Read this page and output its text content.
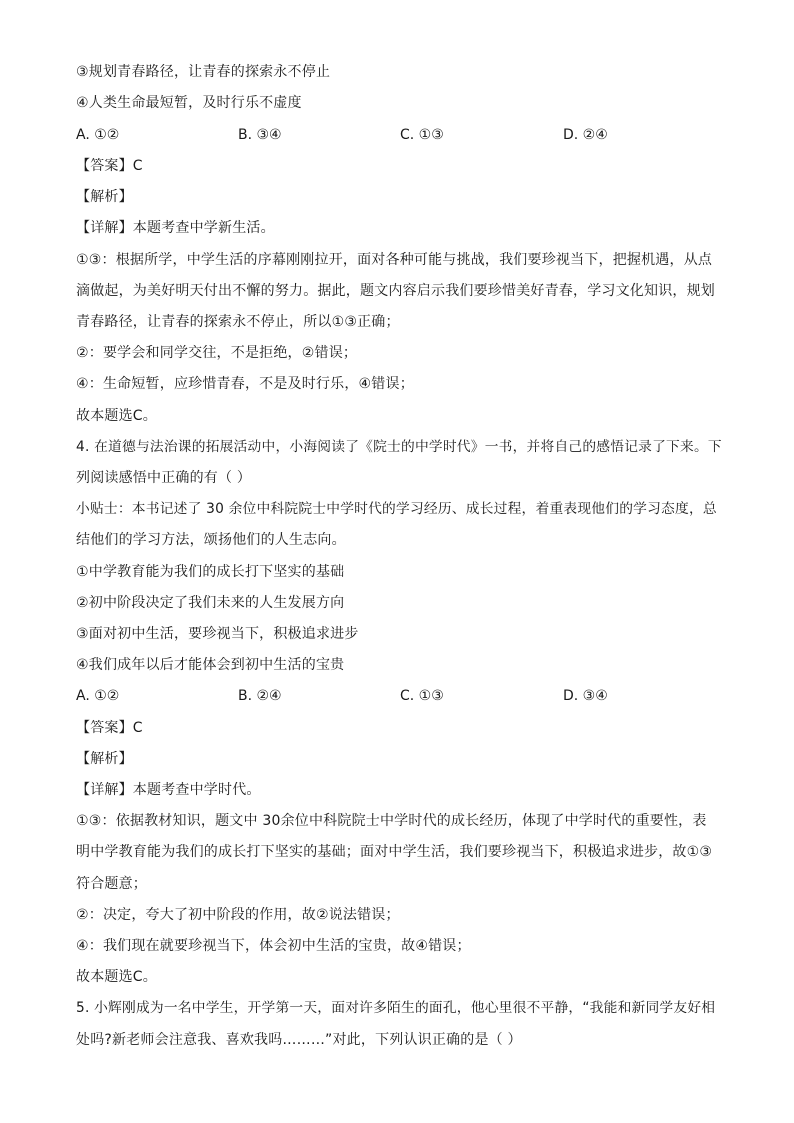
③规划青春路径，让青春的探索永不停止
④人类生命最短暂，及时行乐不虚度
A. ①②	B. ③④	C. ①③	D. ②④
【答案】C
【解析】
【详解】本题考查中学新生活。
①③：根据所学，中学生活的序幕刚刚拉开，面对各种可能与挑战，我们要珍视当下，把握机遇，从点
滴做起，为美好明天付出不懈的努力。据此，题文内容启示我们要珍惜美好青春，学习文化知识，规划
青春路径，让青春的探索永不停止，所以①③正确；
②：要学会和同学交往，不是拒绝，②错误；
④：生命短暂，应珍惜青春，不是及时行乐，④错误；
故本题选C。
4. 在道德与法治课的拓展活动中，小海阅读了《院士的中学时代》一书，并将自己的感悟记录了下来。下
列阅读感悟中正确的有（ ）
小贴士：本书记述了 30 余位中科院院士中学时代的学习经历、成长过程，着重表现他们的学习态度，总
结他们的学习方法，颂扬他们的人生志向。
①中学教育能为我们的成长打下坚实的基础
②初中阶段决定了我们未来的人生发展方向
③面对初中生活，要珍视当下，积极追求进步
④我们成年以后才能体会到初中生活的宝贵
A. ①②	B. ②④	C. ①③	D. ③④
【答案】C
【解析】
【详解】本题考查中学时代。
①③：依据教材知识，题文中 30余位中科院院士中学时代的成长经历，体现了中学时代的重要性，表
明中学教育能为我们的成长打下坚实的基础；面对中学生活，我们要珍视当下，积极追求进步，故①③
符合题意；
②：决定，夸大了初中阶段的作用，故②说法错误；
④：我们现在就要珍视当下，体会初中生活的宝贵，故④错误；
故本题选C。
5. 小辉刚成为一名中学生，开学第一天，面对许多陌生的面孔，他心里很不平静，“我能和新同学友好相
处吗?新老师会注意我、喜欢我吗………”对此，下列认识正确的是（ ）
